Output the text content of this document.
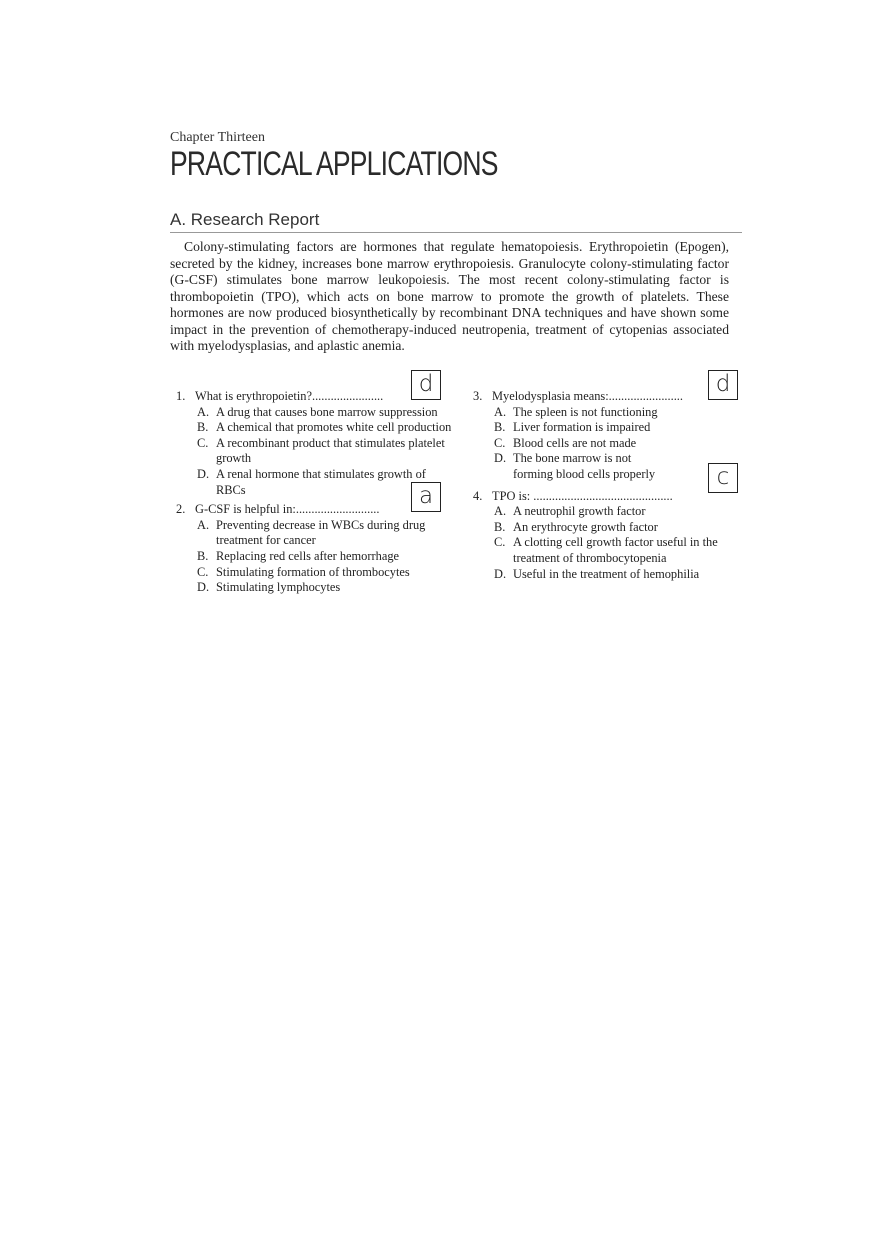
Chapter Thirteen
PRACTICAL APPLICATIONS
A. Research Report

Colony-stimulating factors are hormones that regulate hematopoiesis. Erythropoietin (Epogen), secreted by the kidney, increases bone marrow erythropoiesis. Granulocyte colony-stimulating factor (G-CSF) stimulates bone marrow leukopoiesis. The most recent colony-stimulating factor is thrombopoietin (TPO), which acts on bone marrow to promote the growth of platelets. These hormones are now produced biosynthetically by recombinant DNA techniques and have shown some impact in the prevention of chemotherapy-induced neutropenia, treatment of cytopenias associated with myelodysplasias, and aplastic anemia.

1. What is erythropoietin?.......................
A. A drug that causes bone marrow suppression
B. A chemical that promotes white cell production
C. A recombinant product that stimulates platelet growth
D. A renal hormone that stimulates growth of RBCs
d
2. G-CSF is helpful in:...........................
A. Preventing decrease in WBCs during drug treatment for cancer
B. Replacing red cells after hemorrhage
C. Stimulating formation of thrombocytes
D. Stimulating lymphocytes
a
3. Myelodysplasia means:........................
A. The spleen is not functioning
B. Liver formation is impaired
C. Blood cells are not made
D. The bone marrow is not forming blood cells properly
d
4. TPO is: .............................................
A. A neutrophil growth factor
B. An erythrocyte growth factor
C. A clotting cell growth factor useful in the treatment of thrombocytopenia
D. Useful in the treatment of hemophilia
c
